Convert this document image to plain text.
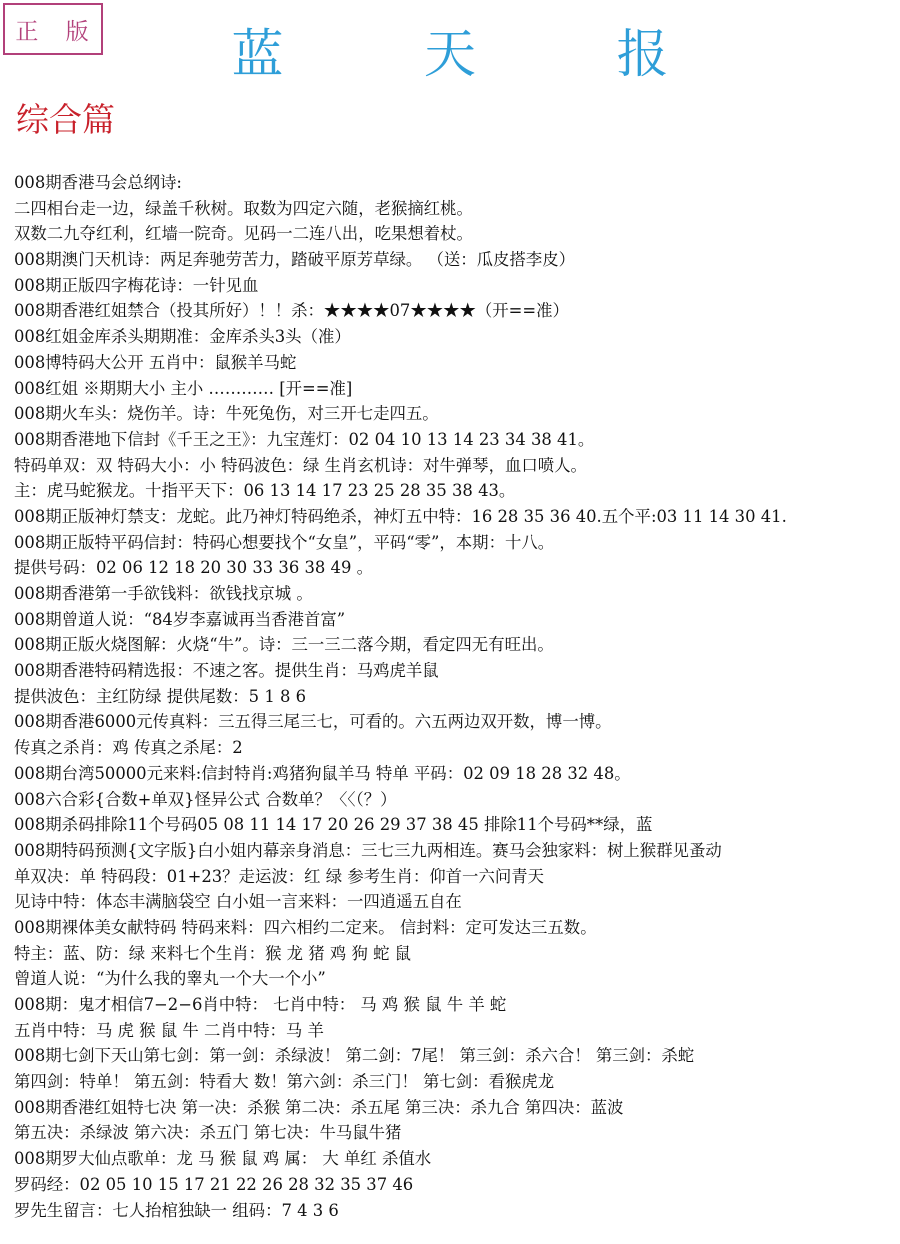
正 版	蓝 天 报
综合篇
008期香港马会总纲诗:
二四相台走一边，绿盖千秋树。取数为四定六随，老猴摘红桃。
双数二九夺红利，红墙一院奇。见码一二连八出，吃果想着杖。
008期澳门天机诗：两足奔驰劳苦力，踏破平原芳草绿。 （送：瓜皮搭李皮）
008期正版四字梅花诗：一针见血
008期香港红姐禁合（投其所好）！！杀：★★★★07★★★★（开==准）
008红姐金库杀头期期准：金库杀头3头（准）
008博特码大公开 五肖中：鼠猴羊马蛇
008红姐 ※期期大小 主小 ………… [开==准]
008期火车头：烧伤羊。诗：牛死兔伤，对三开七走四五。
008期香港地下信封《千王之王》：九宝莲灯：02 04 10 13 14 23 34 38 41。
特码单双：双 特码大小：小 特码波色：绿 生肖玄机诗：对牛弹琴，血口喷人。
主：虎马蛇猴龙。十指平天下：06 13 14 17 23 25 28 35 38 43。
008期正版神灯禁支：龙蛇。此乃神灯特码绝杀，神灯五中特：16 28 35 36 40.五个平:03 11 14 30 41.
008期正版特平码信封：特码心想要找个“女皇”，平码“零”，本期：十八。
提供号码：02 06 12 18 20 30 33 36 38 49 。
008期香港第一手欲钱料：欲钱找京城 。
008期曾道人说：“84岁李嘉诚再当香港首富”
008期正版火烧图解：火烧“牛”。诗：三一三二落今期，看定四无有旺出。
008期香港特码精选报：不速之客。提供生肖：马鸡虎羊鼠
提供波色：主红防绿 提供尾数：5 1 8 6
008期香港6000元传真料：三五得三尾三七，可看的。六五两边双开数，博一博。
传真之杀肖：鸡 传真之杀尾：2
008期台湾50000元来料:信封特肖:鸡猪狗鼠羊马 特单 平码：02 09 18 28 32 48。
008六合彩{合数+单双}怪异公式 合数单？〈〈（？）
008期杀码排除11个号码05 08 11 14 17 20 26 29 37 38 45 排除11个号码**绿，蓝
008期特码预测{文字版}白小姐内幕亲身消息：三七三九两相连。赛马会独家料：树上猴群见蚤动
单双决：单 特码段：01+23？走运波：红 绿 参考生肖：仰首一六问青天
见诗中特：体态丰满脑袋空 白小姐一言来料：一四逍遥五自在
008期裸体美女献特码 特码来料：四六相约二定来。 信封料：定可发达三五数。
特主：蓝、防：绿 来料七个生肖：猴 龙 猪 鸡 狗 蛇 鼠
曾道人说：“为什么我的睾丸一个大一个小”
008期：鬼才相信7−2−6肖中特： 七肖中特： 马 鸡 猴 鼠 牛 羊 蛇
五肖中特：马 虎 猴 鼠 牛 二肖中特：马 羊
008期七剑下天山第七剑：第一剑：杀绿波！ 第二剑：7尾！ 第三剑：杀六合！ 第三剑：杀蛇
第四剑：特单！ 第五剑：特看大 数！第六剑：杀三门！ 第七剑：看猴虎龙
008期香港红姐特七决 第一决：杀猴 第二决：杀五尾 第三决：杀九合 第四决：蓝波
第五决：杀绿波 第六决：杀五门 第七决：牛马鼠牛猪
008期罗大仙点歌单：龙 马 猴 鼠 鸡 属： 大 单红 杀值水
罗码经：02 05 10 15 17 21 22 26 28 32 35 37 46
罗先生留言：七人抬棺独缺一 组码：7 4 3 6
